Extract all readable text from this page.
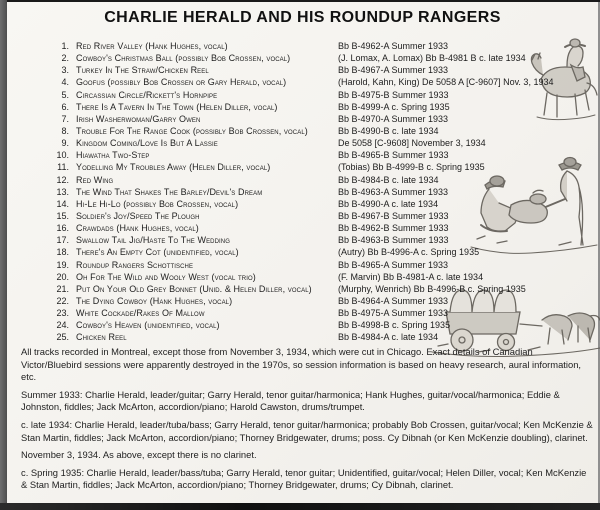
CHARLIE HERALD AND HIS ROUNDUP RANGERS
1. Red River Valley (Hank Hughes, vocal)	Bb B-4962-A Summer 1933
2. Cowboy's Christmas Ball (possibly Bob Crossen, vocal)	(J. Lomax, A. Lomax) Bb B-4981 B c. late 1934
3. Turkey In The Straw/Chicken Reel	Bb B-4967-A Summer 1933
4. Goofus (possibly Bob Crossen or Gary Herald, vocal)	(Harold, Kahn, King) De 5058 A [C-9607] Nov. 3, 1934
5. Circassian Circle/Rickett's Hornpipe	Bb B-4975-B Summer 1933
6. There Is A Tavern In The Town (Helen Diller, vocal)	Bb B-4999-A c. Spring 1935
7. Irish Washerwoman/Garry Owen	Bb B-4970-A Summer 1933
8. Trouble For The Range Cook (possibly Bob Crossen, vocal)	Bb B-4990-B c. late 1934
9. Kingdom Coming/Love Is But A Lassie	De 5058 [C-9608] November 3, 1934
10. Hiawatha Two-Step	Bb B-4965-B Summer 1933
11. Yodelling My Troubles Away (Helen Diller, vocal)	(Tobias) Bb B-4999-B c. Spring 1935
12. Red Wing	Bb B-4984-B c. late 1934
13. The Wind That Shakes The Barley/Devil's Dream	Bb B-4963-A Summer 1933
14. Hi-Le Hi-Lo (possibly Bob Crossen, vocal)	Bb B-4990-A c. late 1934
15. Soldier's Joy/Speed The Plough	Bb B-4967-B Summer 1933
16. Crawdads (Hank Hughes, vocal)	Bb B-4962-B Summer 1933
17. Swallow Tail Jig/Haste To The Wedding	Bb B-4963-B Summer 1933
18. There's An Empty Cot (unidentified, vocal)	(Autry) Bb B-4996-A c. Spring 1935
19. Roundup Rangers Schottische	Bb B-4965-A Summer 1933
20. Oh For The Wild and Wooly West (vocal trio)	(F. Marvin) Bb B-4981-A c. late 1934
21. Put On Your Old Grey Bonnet (Unid. & Helen Diller, vocal)	(Murphy, Wenrich) Bb B-4996-B c. Spring 1935
22. The Dying Cowboy (Hank Hughes, vocal)	Bb B-4964-A Summer 1933
23. White Cockade/Rakes Of Mallow	Bb B-4975-A Summer 1933
24. Cowboy's Heaven (unidentified, vocal)	Bb B-4998-B c. Spring 1935
25. Chicken Reel	Bb B-4984-A c. late 1934

All tracks recorded in Montreal, except those from November 3, 1934, which were cut in Chicago. Exact details of Canadian Victor/Bluebird sessions were apparently destroyed in the 1970s, so session information is based on heavy research, aural information, etc.

Summer 1933: Charlie Herald, leader/guitar; Garry Herald, tenor guitar/harmonica; Hank Hughes, guitar/vocal/harmonica; Eddie & Johnston, fiddles; Jack McArton, accordion/piano; Harold Cawston, drums/trumpet.

c. late 1934: Charlie Herald, leader/tuba/bass; Garry Herald, tenor guitar/harmonica; probably Bob Crossen, guitar/vocal; Ken McKenzie & Stan Martin, fiddles; Jack McArton, accordion/piano; Thorney Bridgewater, drums; poss. Cy Dibnah (or Ken McKenzie doubling), clarinet.

November 3, 1934. As above, except there is no clarinet.

c. Spring 1935: Charlie Herald, leader/bass/tuba; Garry Herald, tenor guitar; Unidentified, guitar/vocal; Helen Diller, vocal; Ken McKenzie & Stan Martin, fiddles; Jack McArton, accordion/piano; Thorney Bridgewater, drums; Cy Dibnah, clarinet.
